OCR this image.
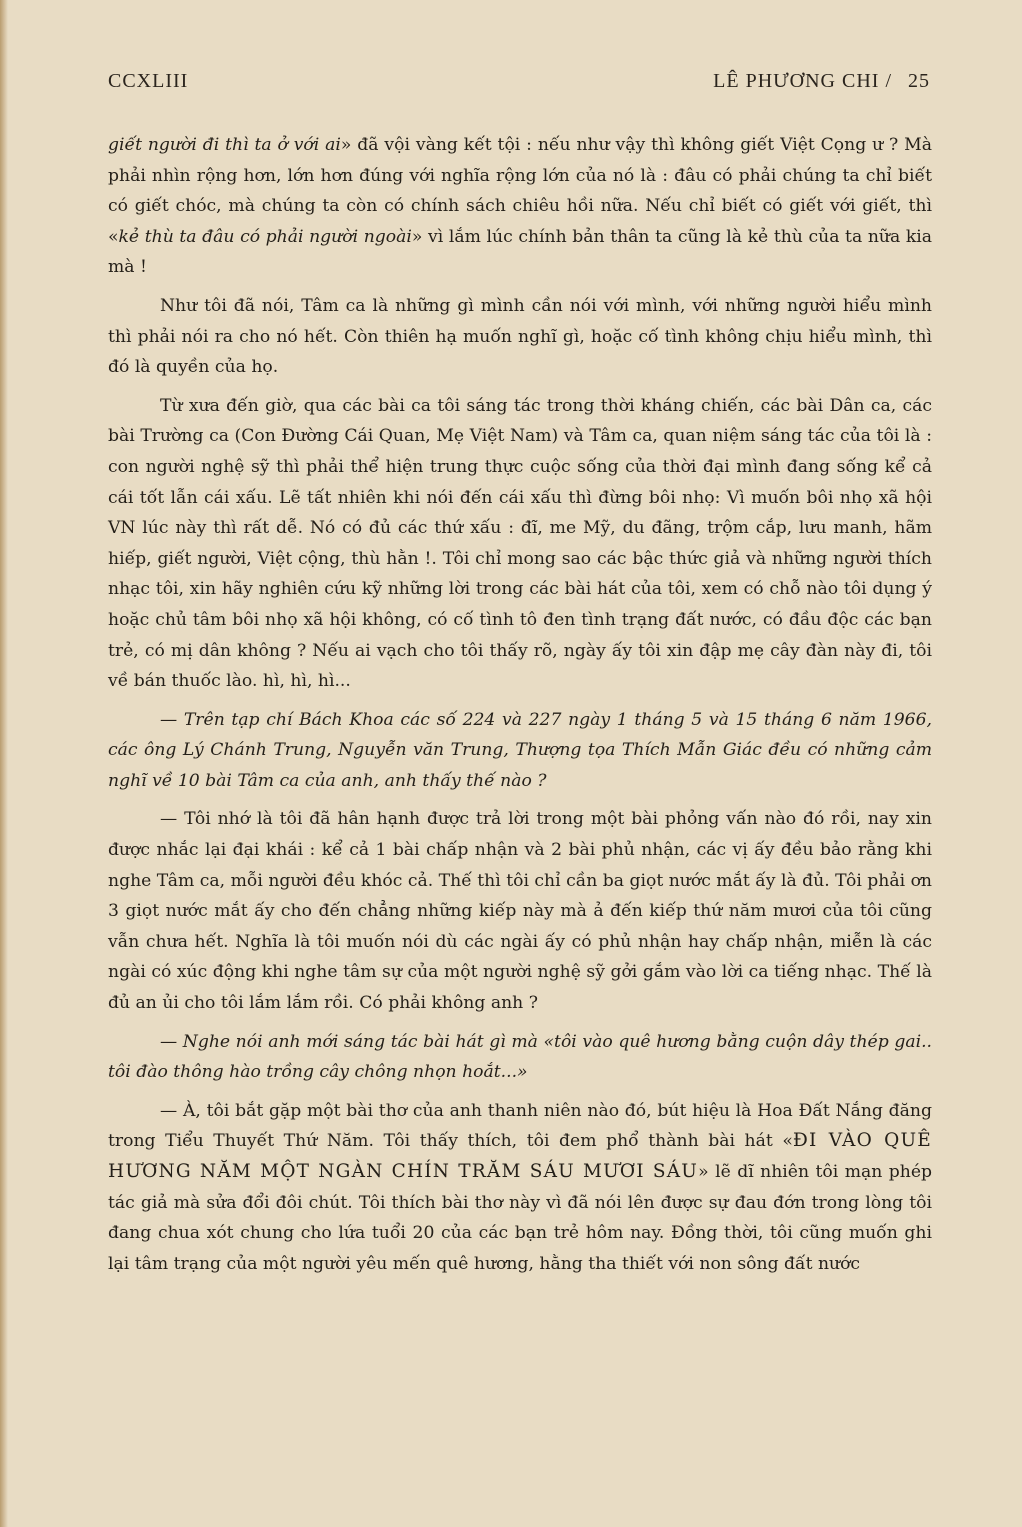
CCXLIII	LÊ PHƯƠNG CHI / 25

giết người đi thì ta ở với ai» đã vội vàng kết tội : nếu như vậy thì không giết Việt Cọng ư ? Mà phải nhìn rộng hơn, lớn hơn đúng với nghĩa rộng lớn của nó là : đâu có phải chúng ta chỉ biết có giết chóc, mà chúng ta còn có chính sách chiêu hồi nữa. Nếu chỉ biết có giết với giết, thì «kẻ thù ta đâu có phải người ngoài» vì lắm lúc chính bản thân ta cũng là kẻ thù của ta nữa kia mà !

Như tôi đã nói, Tâm ca là những gì mình cần nói với mình, với những người hiểu mình thì phải nói ra cho nó hết. Còn thiên hạ muốn nghĩ gì, hoặc cố tình không chịu hiểu mình, thì đó là quyền của họ.

Từ xưa đến giờ, qua các bài ca tôi sáng tác trong thời kháng chiến, các bài Dân ca, các bài Trường ca (Con Đường Cái Quan, Mẹ Việt Nam) và Tâm ca, quan niệm sáng tác của tôi là : con người nghệ sỹ thì phải thể hiện trung thực cuộc sống của thời đại mình đang sống kể cả cái tốt lẫn cái xấu. Lẽ tất nhiên khi nói đến cái xấu thì đừng bôi nhọ: Vì muốn bôi nhọ xã hội VN lúc này thì rất dễ. Nó có đủ các thứ xấu : đĩ, me Mỹ, du đãng, trộm cắp, lưu manh, hãm hiếp, giết người, Việt cộng, thù hằn !. Tôi chỉ mong sao các bậc thức giả và những người thích nhạc tôi, xin hãy nghiên cứu kỹ những lời trong các bài hát của tôi, xem có chỗ nào tôi dụng ý hoặc chủ tâm bôi nhọ xã hội không, có cố tình tô đen tình trạng đất nước, có đầu độc các bạn trẻ, có mị dân không ? Nếu ai vạch cho tôi thấy rõ, ngày ấy tôi xin đập mẹ cây đàn này đi, tôi về bán thuốc lào. hì, hì, hì...

— Trên tạp chí Bách Khoa các số 224 và 227 ngày 1 tháng 5 và 15 tháng 6 năm 1966, các ông Lý Chánh Trung, Nguyễn văn Trung, Thượng tọa Thích Mẫn Giác đều có những cảm nghĩ về 10 bài Tâm ca của anh, anh thấy thế nào ?

— Tôi nhớ là tôi đã hân hạnh được trả lời trong một bài phỏng vấn nào đó rồi, nay xin được nhắc lại đại khái : kể cả 1 bài chấp nhận và 2 bài phủ nhận, các vị ấy đều bảo rằng khi nghe Tâm ca, mỗi người đều khóc cả. Thế thì tôi chỉ cần ba giọt nước mắt ấy là đủ. Tôi phải ơn 3 giọt nước mắt ấy cho đến chẳng những kiếp này mà ả đến kiếp thứ năm mươi của tôi cũng vẫn chưa hết. Nghĩa là tôi muốn nói dù các ngài ấy có phủ nhận hay chấp nhận, miễn là các ngài có xúc động khi nghe tâm sự của một người nghệ sỹ gởi gắm vào lời ca tiếng nhạc. Thế là đủ an ủi cho tôi lắm lắm rồi. Có phải không anh ?

— Nghe nói anh mới sáng tác bài hát gì mà «tôi vào quê hương bằng cuộn dây thép gai.. tôi đào thông hào trồng cây chông nhọn hoắt...»

— À, tôi bắt gặp một bài thơ của anh thanh niên nào đó, bút hiệu là Hoa Đất Nắng đăng trong Tiểu Thuyết Thứ Năm. Tôi thấy thích, tôi đem phổ thành bài hát «ĐI VÀO QUÊ HƯƠNG NĂM MỘT NGÀN CHÍN TRĂM SÁU MƯƠI SÁU» lẽ dĩ nhiên tôi mạn phép tác giả mà sửa đổi đôi chút. Tôi thích bài thơ này vì đã nói lên được sự đau đớn trong lòng tôi đang chua xót chung cho lứa tuổi 20 của các bạn trẻ hôm nay. Đồng thời, tôi cũng muốn ghi lại tâm trạng của một người yêu mến quê hương, hằng tha thiết với non sông đất nước
